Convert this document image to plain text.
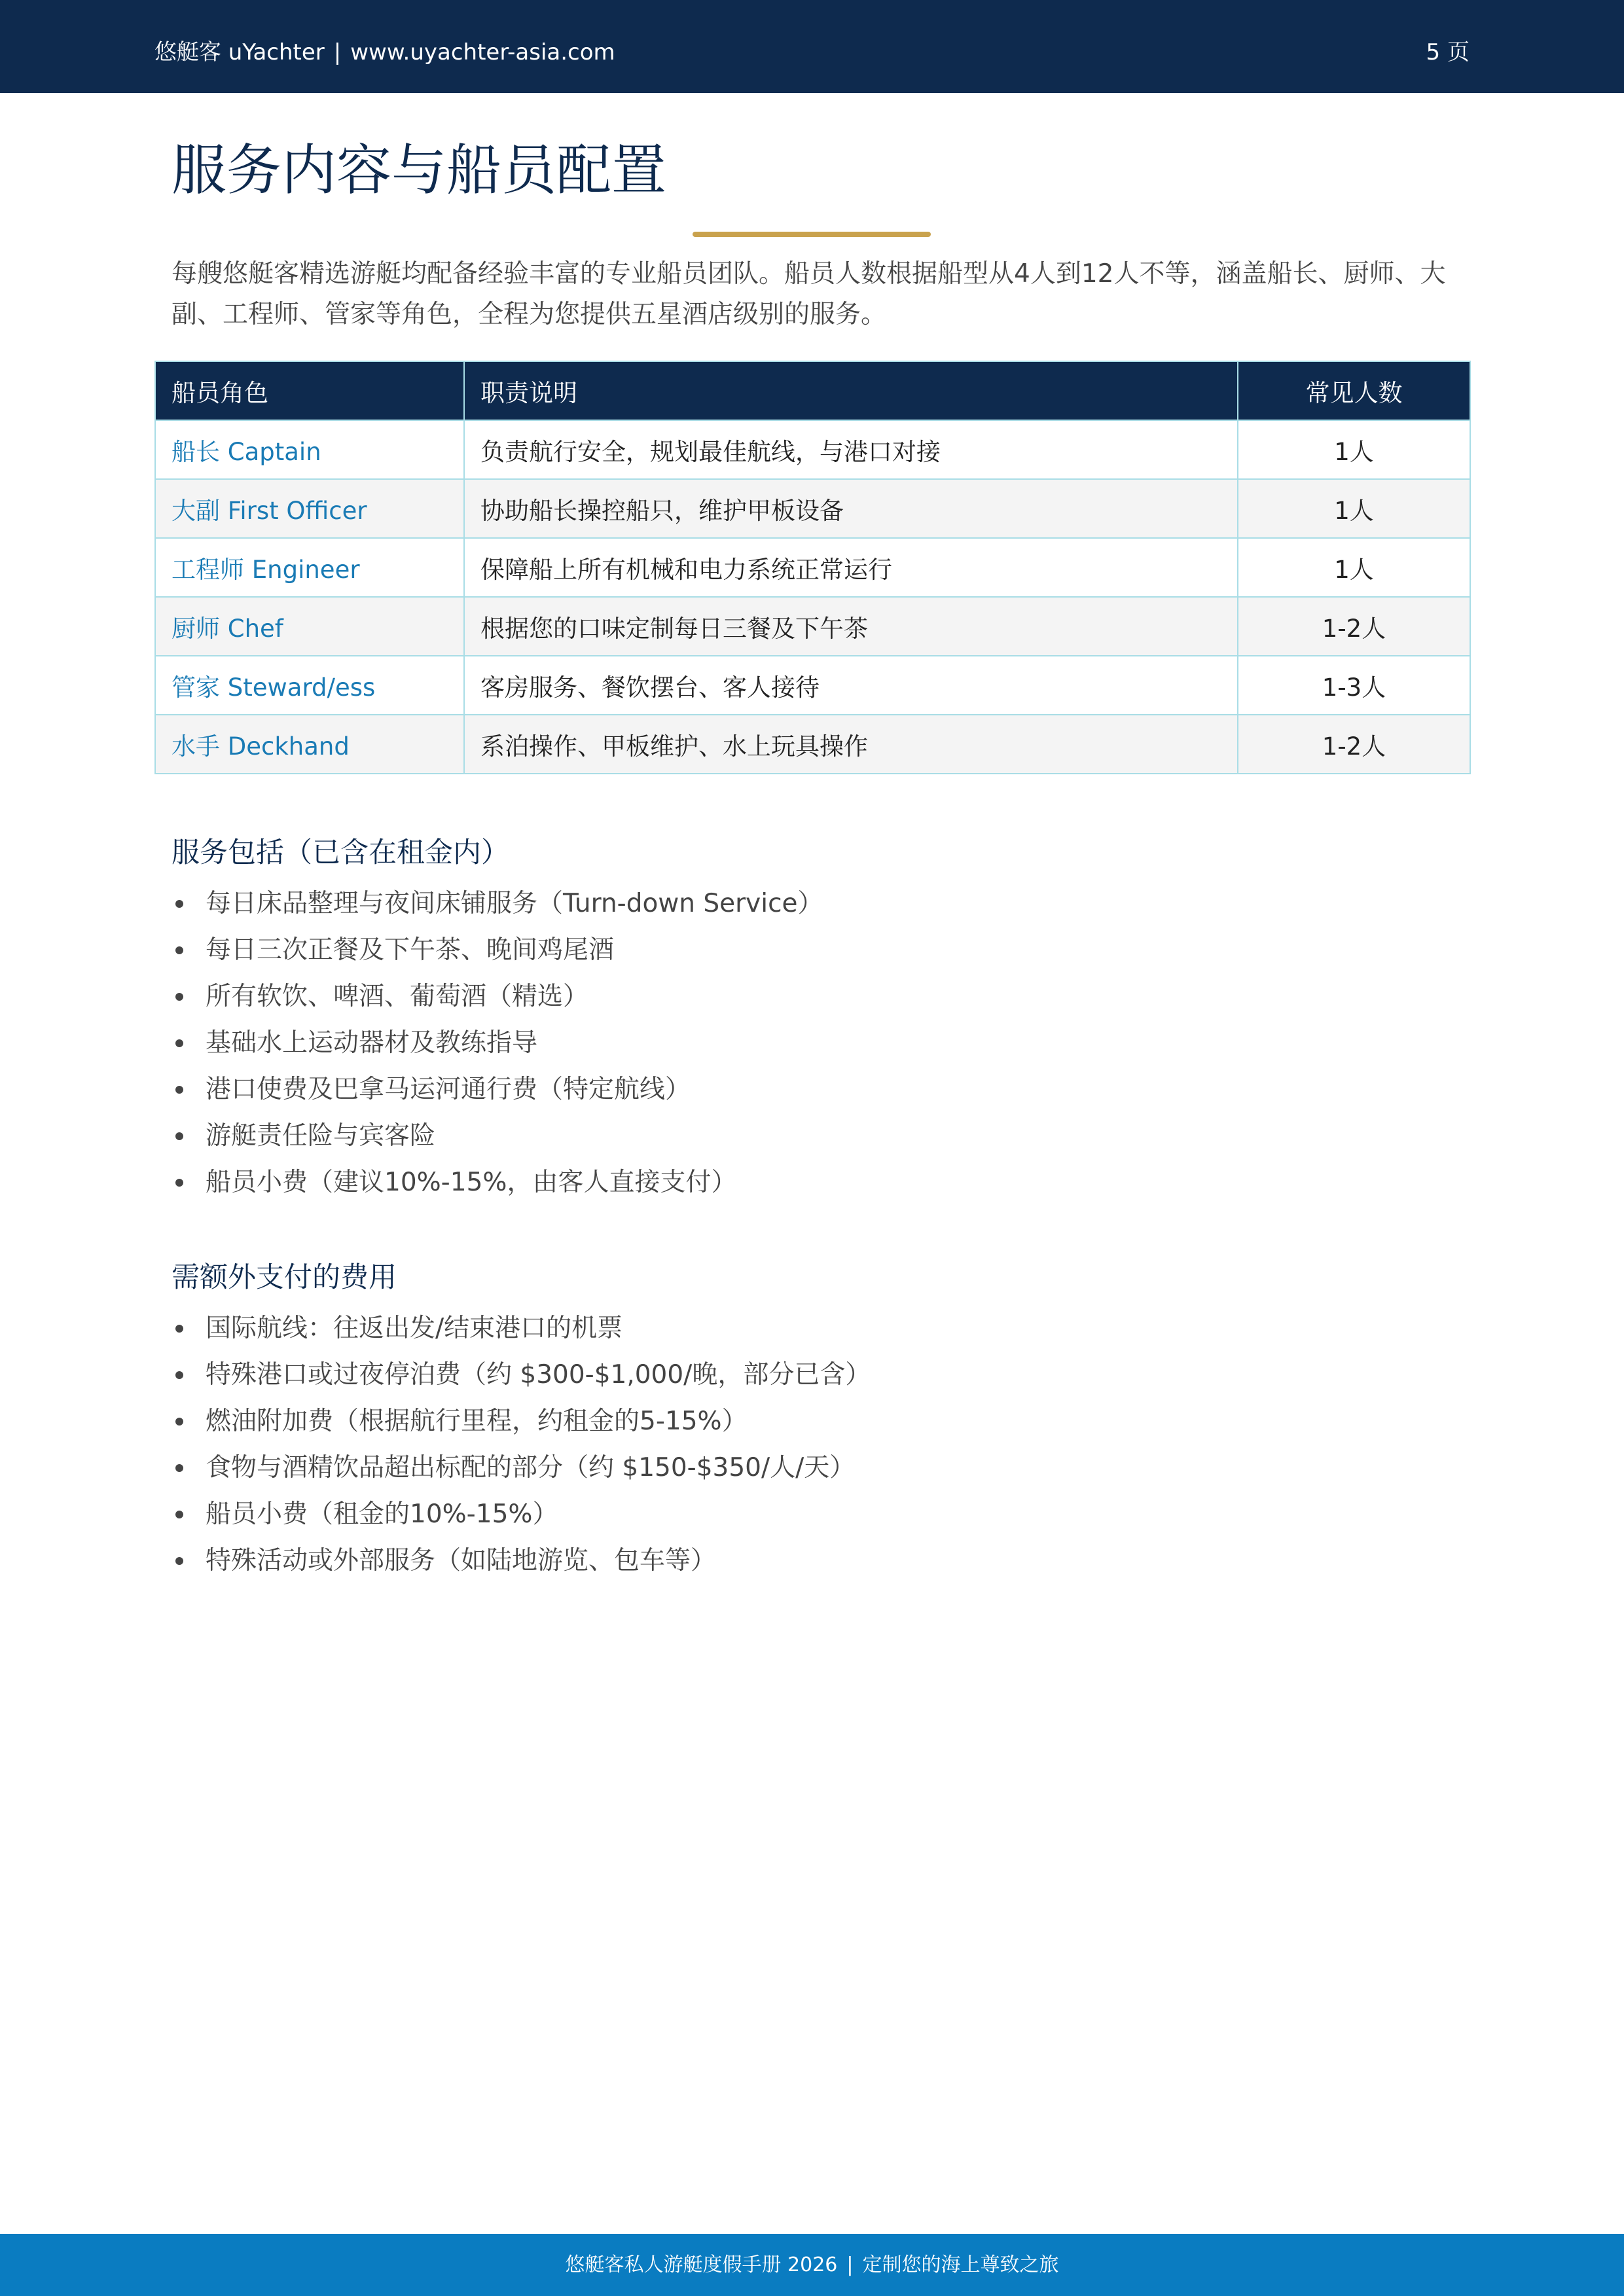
悠艇客 uYachter | www.uyachter-asia.com	5 页
服务内容与船员配置

每艘悠艇客精选游艇均配备经验丰富的专业船员团队。船员人数根据船型从4人到12人不等，涵盖船长、厨师、大副、工程师、管家等角色，全程为您提供五星酒店级别的服务。

船员角色	职责说明	常见人数
船长 Captain	负责航行安全，规划最佳航线，与港口对接	1人
大副 First Officer	协助船长操控船只，维护甲板设备	1人
工程师 Engineer	保障船上所有机械和电力系统正常运行	1人
厨师 Chef	根据您的口味定制每日三餐及下午茶	1-2人
管家 Steward/ess	客房服务、餐饮摆台、客人接待	1-3人
水手 Deckhand	系泊操作、甲板维护、水上玩具操作	1-2人
服务包括（已含在租金内）
每日床品整理与夜间床铺服务（Turn-down Service）
每日三次正餐及下午茶、晚间鸡尾酒
所有软饮、啤酒、葡萄酒（精选）
基础水上运动器材及教练指导
港口使费及巴拿马运河通行费（特定航线）
游艇责任险与宾客险
船员小费（建议10%-15%，由客人直接支付）
需额外支付的费用
国际航线：往返出发/结束港口的机票
特殊港口或过夜停泊费（约 $300-$1,000/晚，部分已含）
燃油附加费（根据航行里程，约租金的5-15%）
食物与酒精饮品超出标配的部分（约 $150-$350/人/天）
船员小费（租金的10%-15%）
特殊活动或外部服务（如陆地游览、包车等）
悠艇客私人游艇度假手册 2026 | 定制您的海上尊致之旅
